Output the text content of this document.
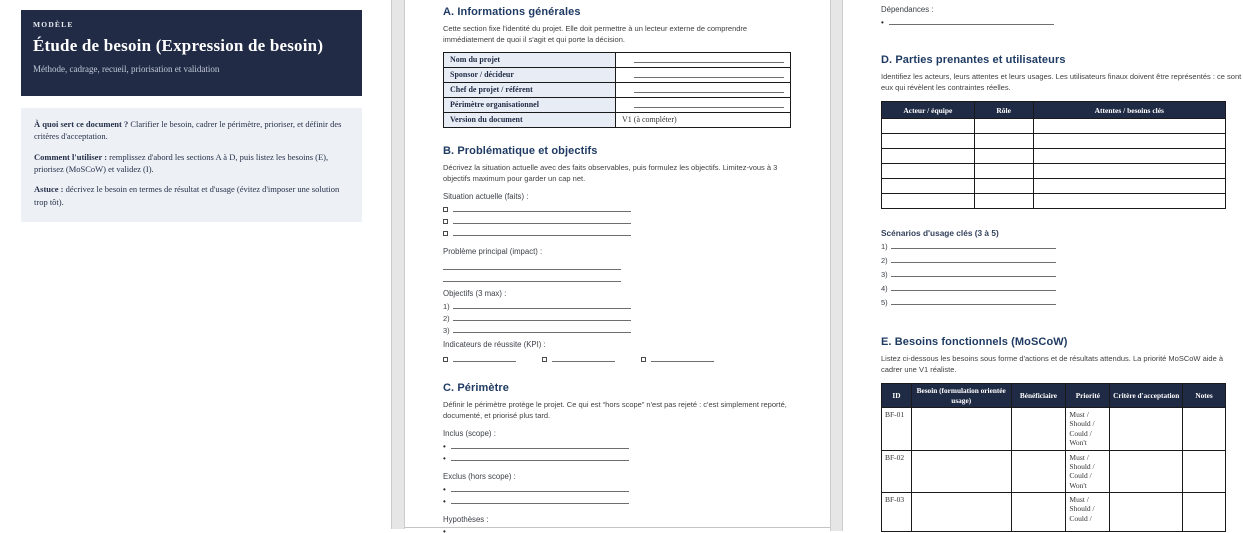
MODÈLE
Étude de besoin (Expression de besoin)
Méthode, cadrage, recueil, priorisation et validation

À quoi sert ce document ? Clarifier le besoin, cadrer le périmètre, prioriser, et définir des critères d'acceptation.

Comment l'utiliser : remplissez d'abord les sections A à D, puis listez les besoins (E), priorisez (MoSCoW) et validez (I).

Astuce : décrivez le besoin en termes de résultat et d'usage (évitez d'imposer une solution trop tôt).

A. Informations générales
Cette section fixe l'identité du projet. Elle doit permettre à un lecteur externe de comprendre immédiatement de quoi il s'agit et qui porte la décision.
Nom du projet	
Sponsor / décideur	
Chef de projet / référent	
Périmètre organisationnel	
Version du document	V1 (à compléter)
B. Problématique et objectifs
Décrivez la situation actuelle avec des faits observables, puis formulez les objectifs. Limitez-vous à 3 objectifs maximum pour garder un cap net.
Situation actuelle (faits) :
Problème principal (impact) :
Objectifs (3 max) :
1)
2)
3)
Indicateurs de réussite (KPI) :
C. Périmètre
Définir le périmètre protège le projet. Ce qui est “hors scope” n'est pas rejeté : c'est simplement reporté, documenté, et priorisé plus tard.
Inclus (scope) :
•
•
Exclus (hors scope) :
•
•
Hypothèses :
•
Dépendances :
•
D. Parties prenantes et utilisateurs
Identifiez les acteurs, leurs attentes et leurs usages. Les utilisateurs finaux doivent être représentés : ce sont eux qui révèlent les contraintes réelles.
Acteur / équipe	Rôle	Attentes / besoins clés

Scénarios d'usage clés (3 à 5)
1)
2)
3)
4)
5)
E. Besoins fonctionnels (MoSCoW)
Listez ci-dessous les besoins sous forme d'actions et de résultats attendus. La priorité MoSCoW aide à cadrer une V1 réaliste.
ID	Besoin (formulation orientée usage)	Bénéficiaire	Priorité	Critère d'acceptation	Notes
BF-01			Must / Should / Could / Won't		
BF-02			Must / Should / Could / Won't		
BF-03			Must / Should / Could /		
